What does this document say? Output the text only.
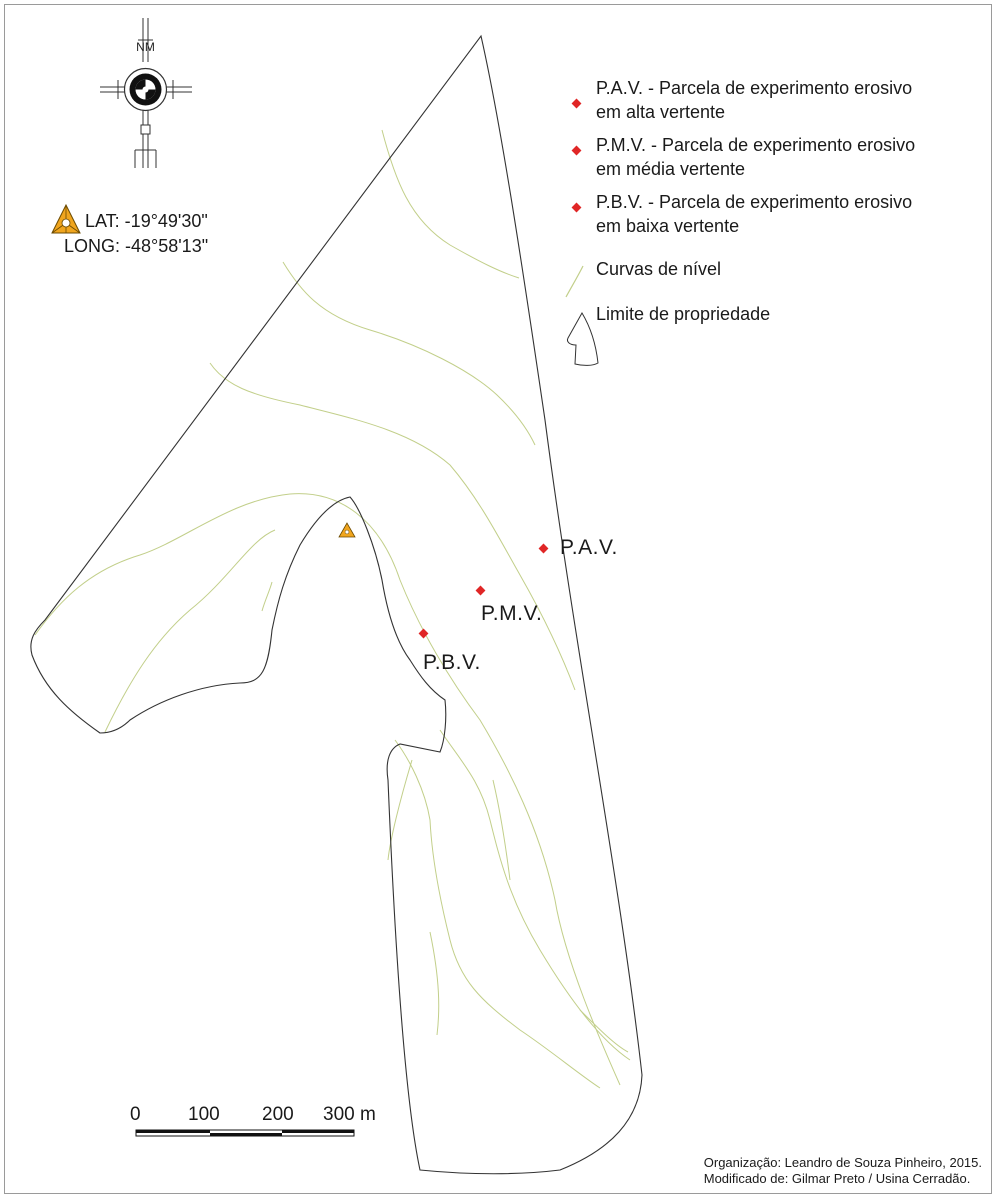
NM
LAT: -19°49'30"
LONG: -48°58'13"
P.A.V. - Parcela de experimento erosivo
em alta vertente
P.M.V. - Parcela de experimento erosivo
em média vertente
P.B.V. - Parcela de experimento erosivo
em baixa vertente
Curvas de nível
Limite de propriedade
P.A.V.
P.M.V.
P.B.V.
0 100 200 300 m
Organização: Leandro de Souza Pinheiro, 2015.
Modificado de: Gilmar Preto / Usina Cerradão.
